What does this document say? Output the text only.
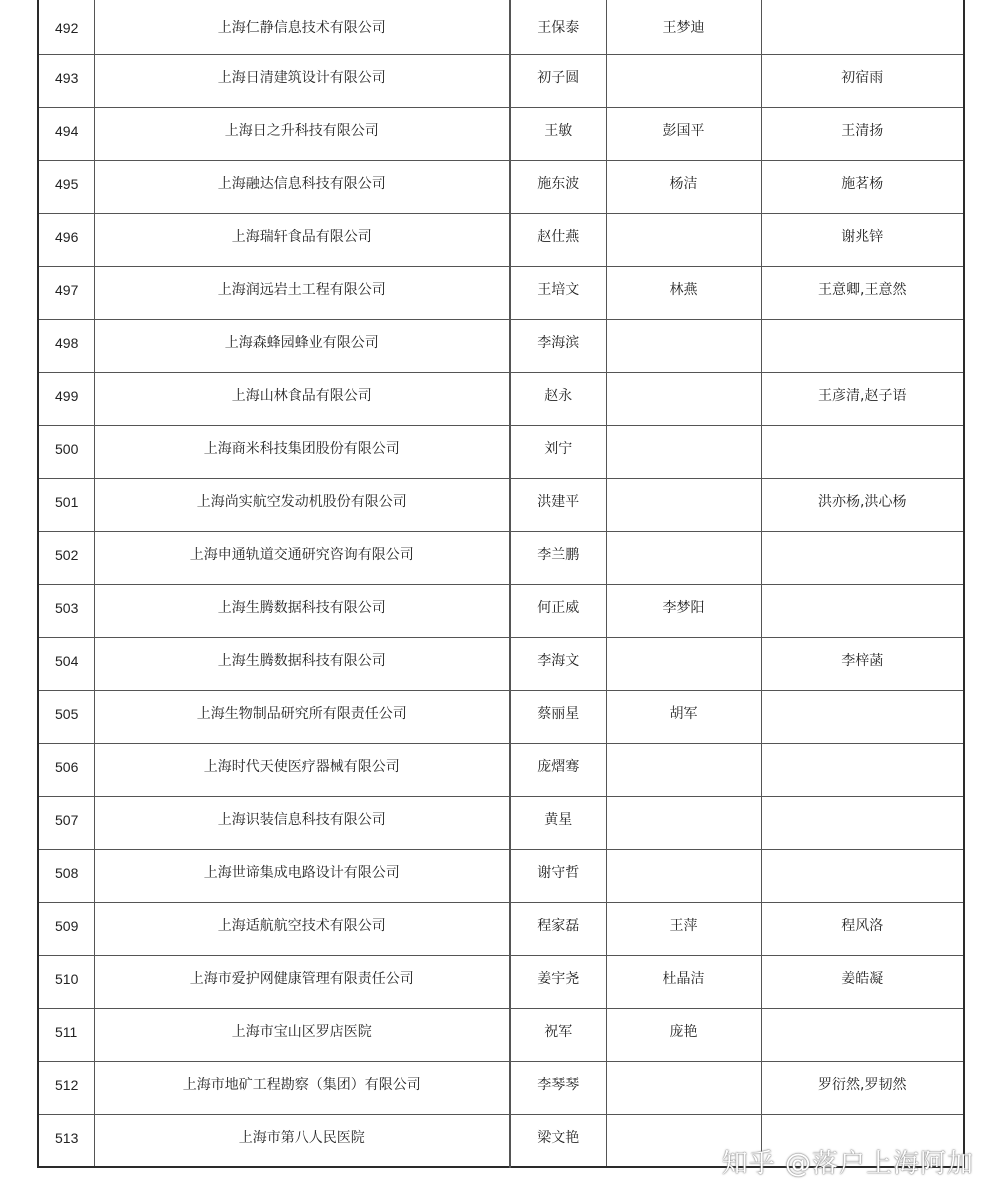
492	上海仁静信息技术有限公司	王保泰	王梦迪	
493	上海日清建筑设计有限公司	初子圆		初宿雨
494	上海日之升科技有限公司	王敏	彭国平	王清扬
495	上海融达信息科技有限公司	施东波	杨洁	施茗杨
496	上海瑞轩食品有限公司	赵仕燕		谢兆锌
497	上海润远岩土工程有限公司	王培文	林燕	王意卿,王意然
498	上海森蜂园蜂业有限公司	李海滨		
499	上海山林食品有限公司	赵永		王彦清,赵子语
500	上海商米科技集团股份有限公司	刘宁		
501	上海尚实航空发动机股份有限公司	洪建平		洪亦杨,洪心杨
502	上海申通轨道交通研究咨询有限公司	李兰鹏		
503	上海生腾数据科技有限公司	何正威	李梦阳	
504	上海生腾数据科技有限公司	李海文		李梓菡
505	上海生物制品研究所有限责任公司	蔡丽星	胡军	
506	上海时代天使医疗器械有限公司	庞熠骞		
507	上海识装信息科技有限公司	黄星		
508	上海世谛集成电路设计有限公司	谢守哲		
509	上海适航航空技术有限公司	程家磊	王萍	程风洛
510	上海市爱护网健康管理有限责任公司	姜宇尧	杜晶洁	姜皓凝
511	上海市宝山区罗店医院	祝军	庞艳	
512	上海市地矿工程勘察（集团）有限公司	李琴琴		罗衍然,罗韧然
513	上海市第八人民医院	梁文艳		
知乎 @落户上海阿加
